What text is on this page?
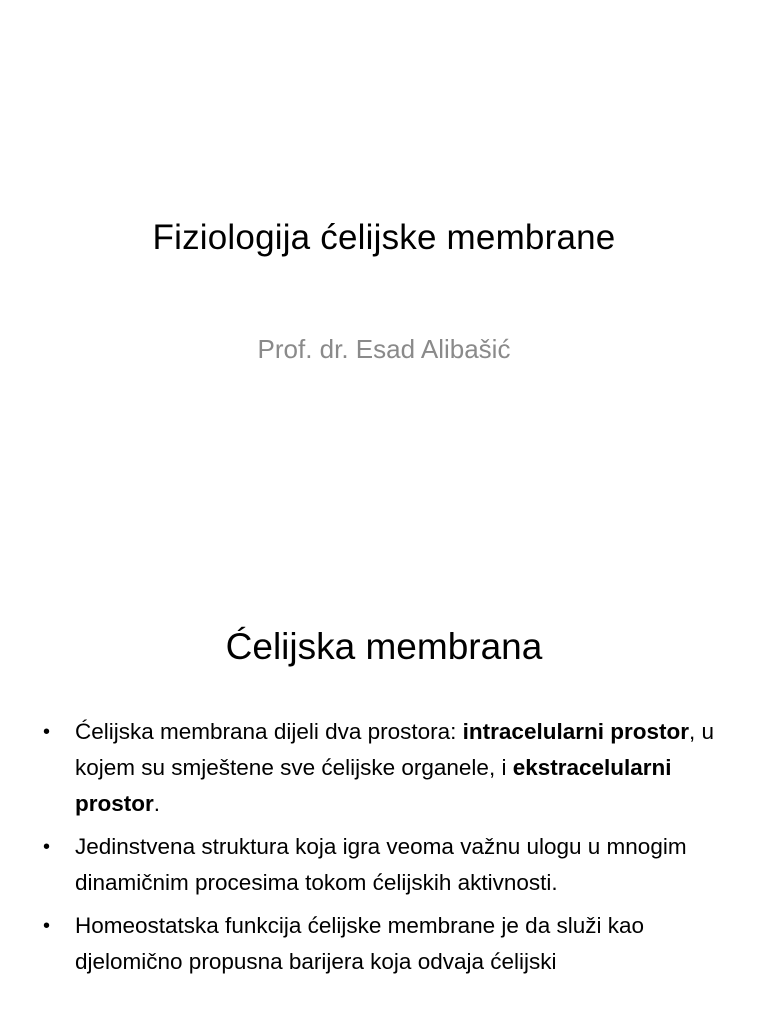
Fiziologija ćelijske membrane

Prof. dr. Esad Alibašić

Ćelijska membrana
• Ćelijska membrana dijeli dva prostora: intracelularni prostor, u kojem su smještene sve ćelijske organele, i ekstracelularni prostor.
• Jedinstvena struktura koja igra veoma važnu ulogu u mnogim dinamičnim procesima tokom ćelijskih aktivnosti.
• Homeostatska funkcija ćelijske membrane je da služi kao djelomično propusna barijera koja odvaja ćelijski
